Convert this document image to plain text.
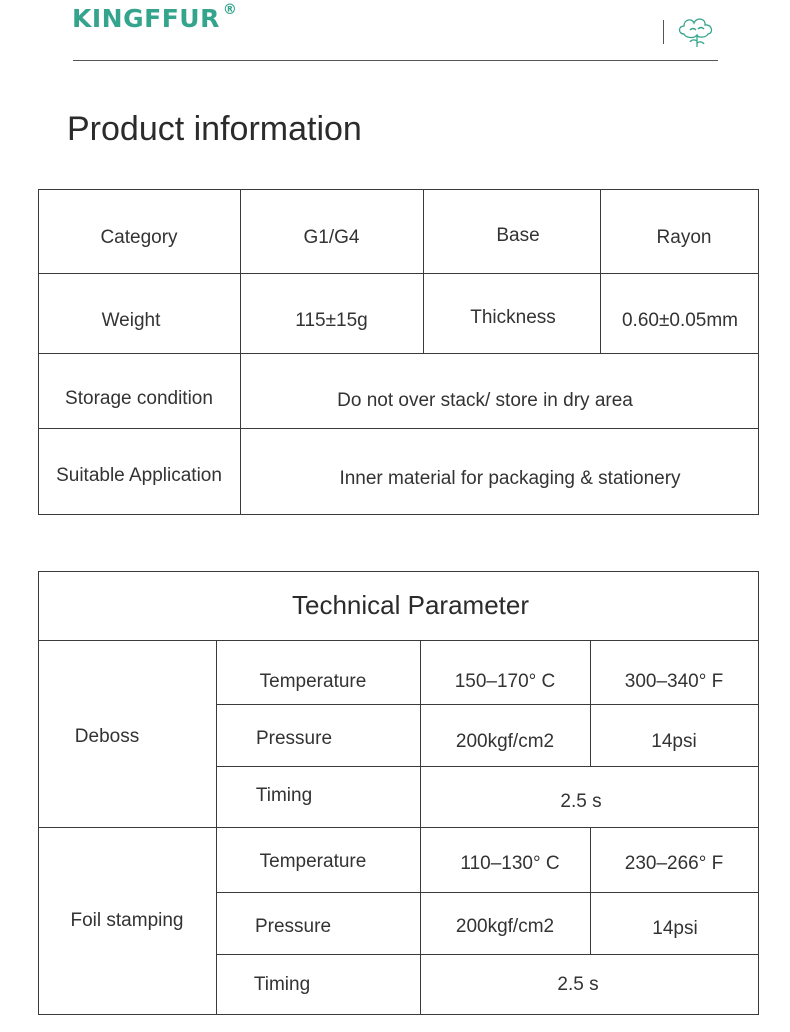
KINGFFUR ®
Product information
Category	G1/G4	Base	Rayon
Weight	115±15g	Thickness	0.60±0.05mm
Storage condition	Do not over stack/ store in dry area
Suitable Application	Inner material for packaging & stationery
Technical Parameter
Deboss
Temperature	150–170° C	300–340° F
Pressure	200kgf/cm2	14psi
Timing	2.5 s
Foil stamping
Temperature	110–130° C	230–266° F
Pressure	200kgf/cm2	14psi
Timing	2.5 s
